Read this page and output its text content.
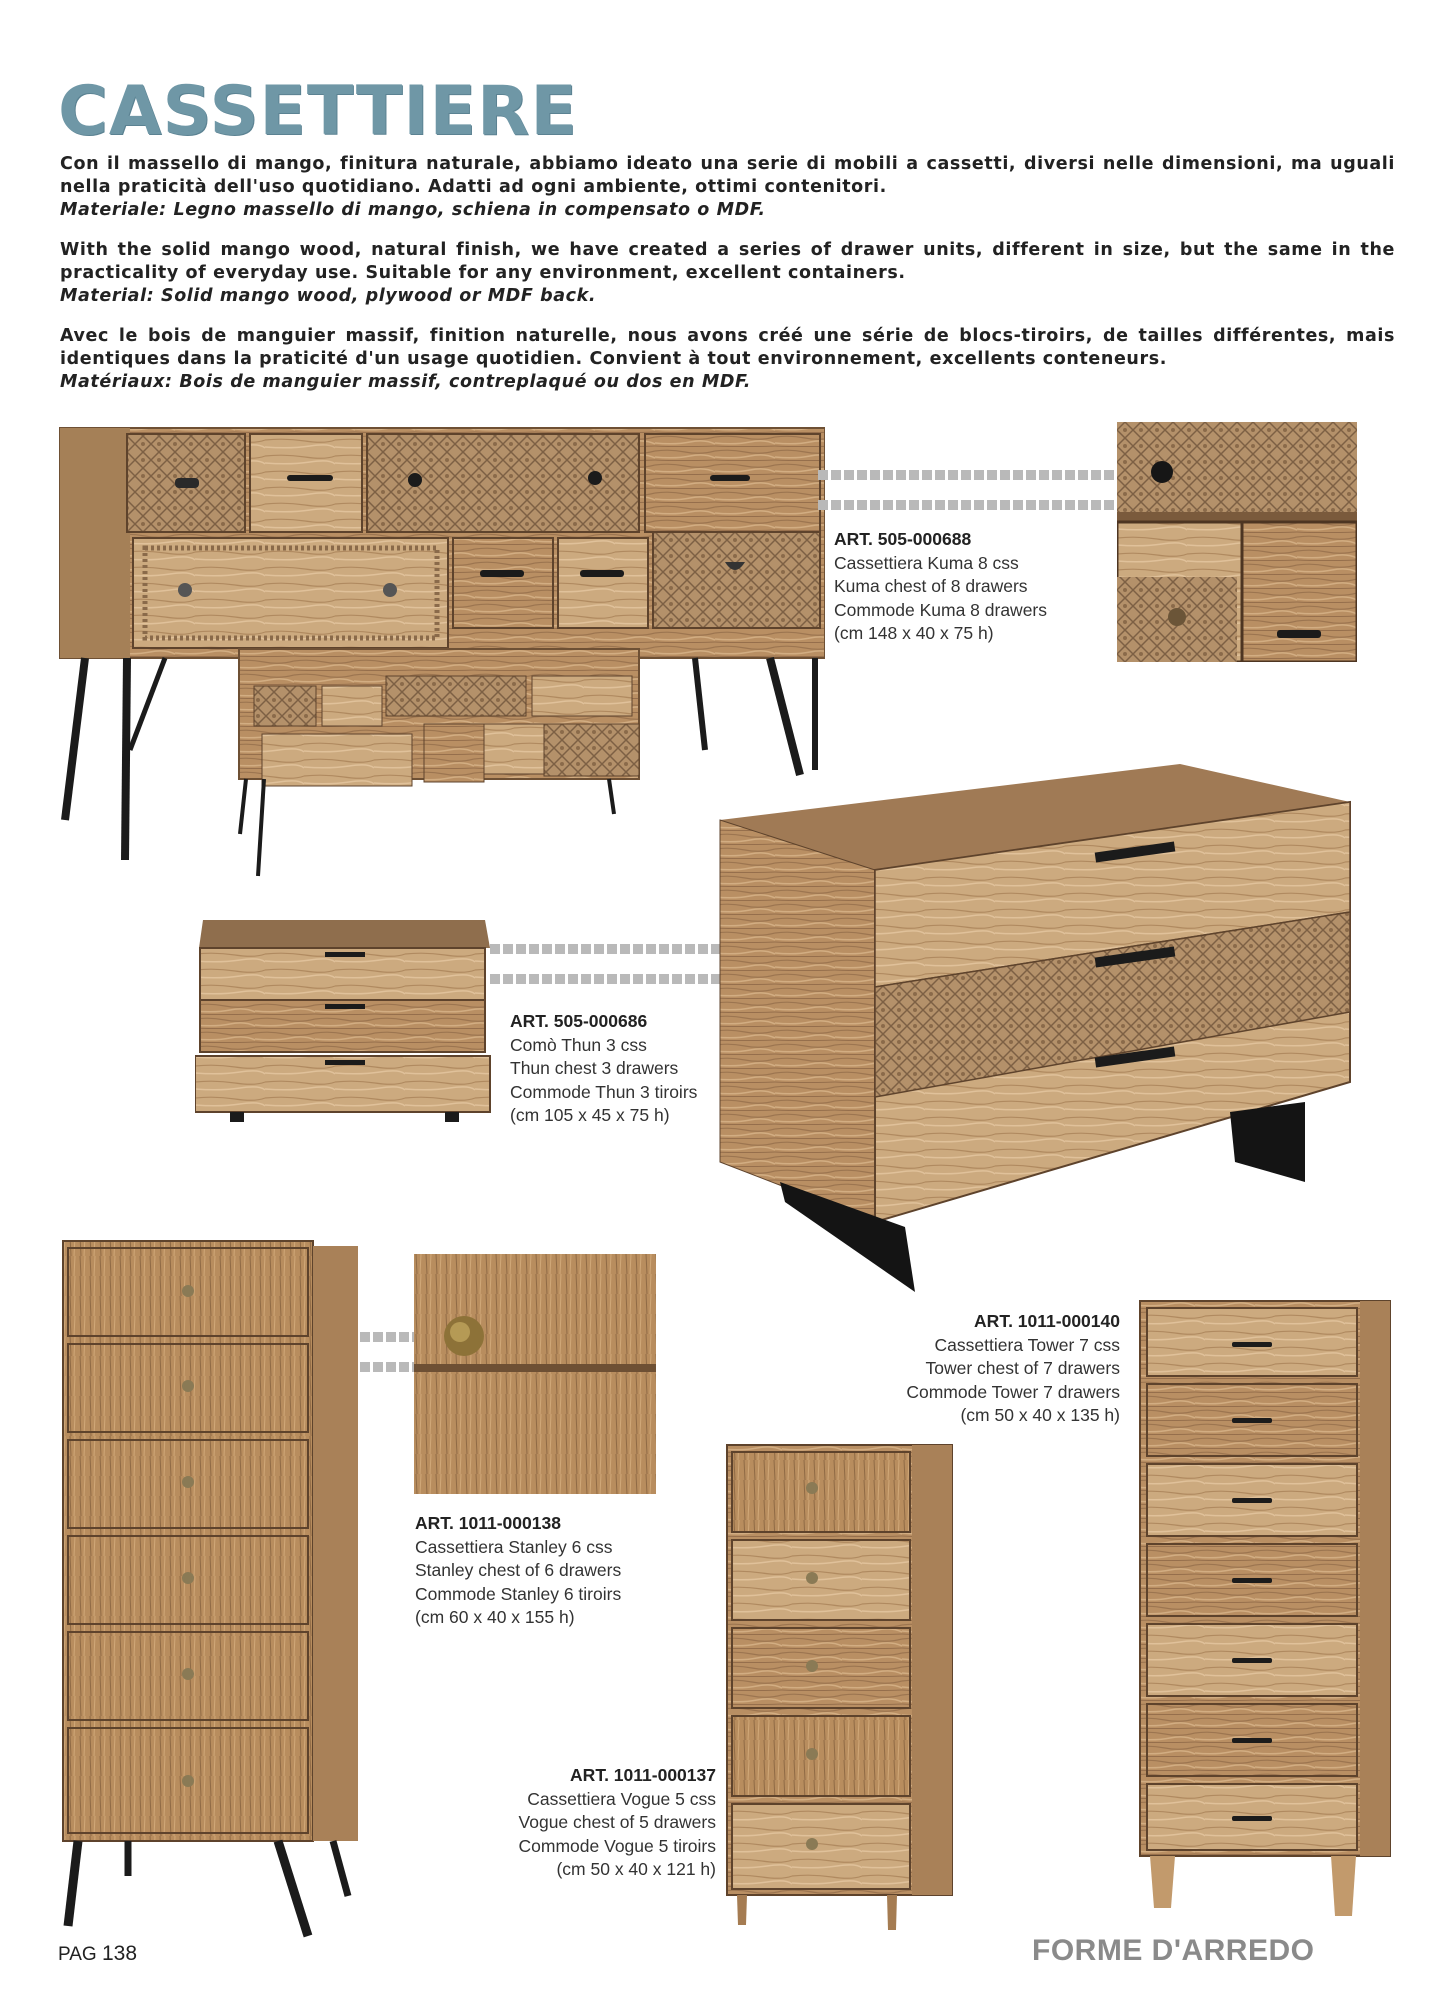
CASSETTIERE
Con il massello di mango, finitura naturale, abbiamo ideato una serie di mobili a cassetti, diversi nelle dimensioni, ma uguali nella praticità dell'uso quotidiano. Adatti ad ogni ambiente, ottimi contenitori.
Materiale: Legno massello di mango, schiena in compensato o MDF.
With the solid mango wood, natural finish, we have created a series of drawer units, different in size, but the same in the practicality of everyday use. Suitable for any environment, excellent containers.
Material: Solid mango wood, plywood or MDF back.
Avec le bois de manguier massif, finition naturelle, nous avons créé une série de blocs-tiroirs, de tailles différentes, mais identiques dans la praticité d'un usage quotidien. Convient à tout environnement, excellents conteneurs.
Matériaux: Bois de manguier massif, contreplaqué ou dos en MDF.
ART. 505-000688
Cassettiera Kuma 8 css
Kuma chest of 8 drawers
Commode Kuma 8 drawers
(cm 148 x 40 x 75 h)
ART. 505-000686
Comò Thun 3 css
Thun chest 3 drawers
Commode Thun 3 tiroirs
(cm 105 x 45 x 75 h)
ART. 1011-000138
Cassettiera Stanley 6 css
Stanley chest of 6 drawers
Commode Stanley 6 tiroirs
(cm 60 x 40 x 155 h)
ART. 1011-000137
Cassettiera Vogue 5 css
Vogue chest of 5 drawers
Commode Vogue 5 tiroirs
(cm 50 x 40 x 121 h)
ART. 1011-000140
Cassettiera Tower 7 css
Tower chest of 7 drawers
Commode Tower 7 drawers
(cm 50 x 40 x 135 h)
PAG 138	FORME D'ARREDO
